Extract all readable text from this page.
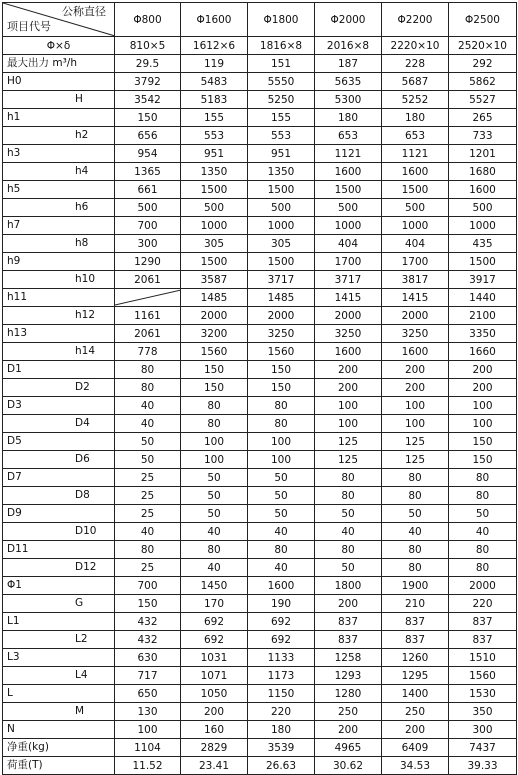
公称直径
项目代号	Φ800	Φ1600	Φ1800	Φ2000	Φ2200	Φ2500
Φ×δ	810×5	1612×6	1816×8	2016×8	2220×10	2520×10

最大出力 m³/h	29.5	119	151	187	228	292

H0	3792	5483	5550	5635	5687	5862

H	3542	5183	5250	5300	5252	5527

h1	150	155	155	180	180	265

h2	656	553	553	653	653	733

h3	954	951	951	1121	1121	1201

h4	1365	1350	1350	1600	1600	1680

h5	661	1500	1500	1500	1500	1600

h6	500	500	500	500	500	500

h7	700	1000	1000	1000	1000	1000

h8	300	305	305	404	404	435

h9	1290	1500	1500	1700	1700	1500

h10	2061	3587	3717	3717	3817	3917

h11		1485	1485	1415	1415	1440

h12	1161	2000	2000	2000	2000	2100

h13	2061	3200	3250	3250	3250	3350

h14	778	1560	1560	1600	1600	1660

D1	80	150	150	200	200	200

D2	80	150	150	200	200	200

D3	40	80	80	100	100	100

D4	40	80	80	100	100	100

D5	50	100	100	125	125	150

D6	50	100	100	125	125	150

D7	25	50	50	80	80	80

D8	25	50	50	80	80	80

D9	25	50	50	50	50	50

D10	40	40	40	40	40	40

D11	80	80	80	80	80	80

D12	25	40	40	50	80	80

Φ1	700	1450	1600	1800	1900	2000

G	150	170	190	200	210	220

L1	432	692	692	837	837	837

L2	432	692	692	837	837	837

L3	630	1031	1133	1258	1260	1510

L4	717	1071	1173	1293	1295	1560

L	650	1050	1150	1280	1400	1530

M	130	200	220	250	250	350

N	100	160	180	200	200	300

净重(kg)	1104	2829	3539	4965	6409	7437

荷重(T)	11.52	23.41	26.63	30.62	34.53	39.33
